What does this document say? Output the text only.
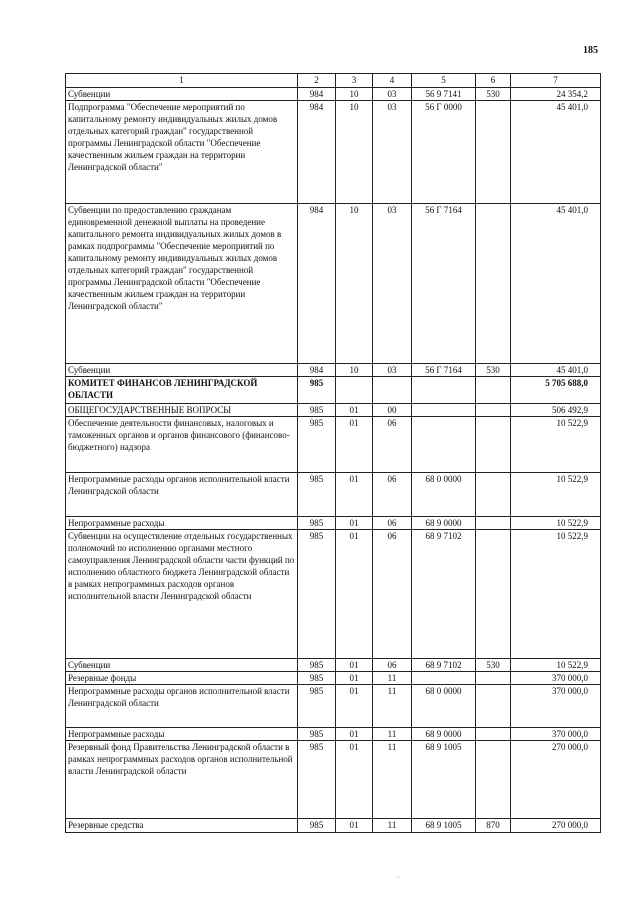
· ·
185
1	2	3	4	5	6	7
Субвенции	984	10	03	56 9 7141	530	24 354,2
Подпрограмма "Обеспечение мероприятий по капитальному ремонту индивидуальных жилых домов отдельных категорий граждан" государственной программы Ленинградской области "Обеспечение качественным жильем граждан на территории Ленинградской области"	984	10	03	56 Г 0000		45 401,0
Субвенции по предоставлению гражданам единовременной денежной выплаты на проведение капитального ремонта индивидуальных жилых домов в рамках подпрограммы "Обеспечение мероприятий по капитальному ремонту индивидуальных жилых домов отдельных категорий граждан" государственной программы Ленинградской области "Обеспечение качественным жильем граждан на территории Ленинградской области"	984	10	03	56 Г 7164		45 401,0
Субвенции	984	10	03	56 Г 7164	530	45 401,0
КОМИТЕТ ФИНАНСОВ ЛЕНИНГРАДСКОЙ ОБЛАСТИ	985					5 705 688,0
ОБЩЕГОСУДАРСТВЕННЫЕ ВОПРОСЫ	985	01	00			506 492,9
Обеспечение деятельности финансовых, налоговых и таможенных органов и органов финансового (финансово-бюджетного) надзора	985	01	06			10 522,9
Непрограммные расходы органов исполнительной власти Ленинградской области	985	01	06	68 0 0000		10 522,9
Непрограммные расходы	985	01	06	68 9 0000		10 522,9
Субвенции на осуществление отдельных государственных полномочий по исполнению органами местного самоуправления Ленинградской области части функций по исполнению областного бюджета Ленинградской области в рамках непрограммных расходов органов исполнительной власти Ленинградской области	985	01	06	68 9 7102		10 522,9
Субвенции	985	01	06	68 9 7102	530	10 522,9
Резервные фонды	985	01	11			370 000,0
Непрограммные расходы органов исполнительной власти Ленинградской области	985	01	11	68 0 0000		370 000,0
Непрограммные расходы	985	01	11	68 9 0000		370 000,0
Резервный фонд Правительства Ленинградской области в рамках непрограммных расходов органов исполнительной власти Ленинградской области	985	01	11	68 9 1005		270 000,0
Резервные средства	985	01	11	68 9 1005	870	270 000,0
·
